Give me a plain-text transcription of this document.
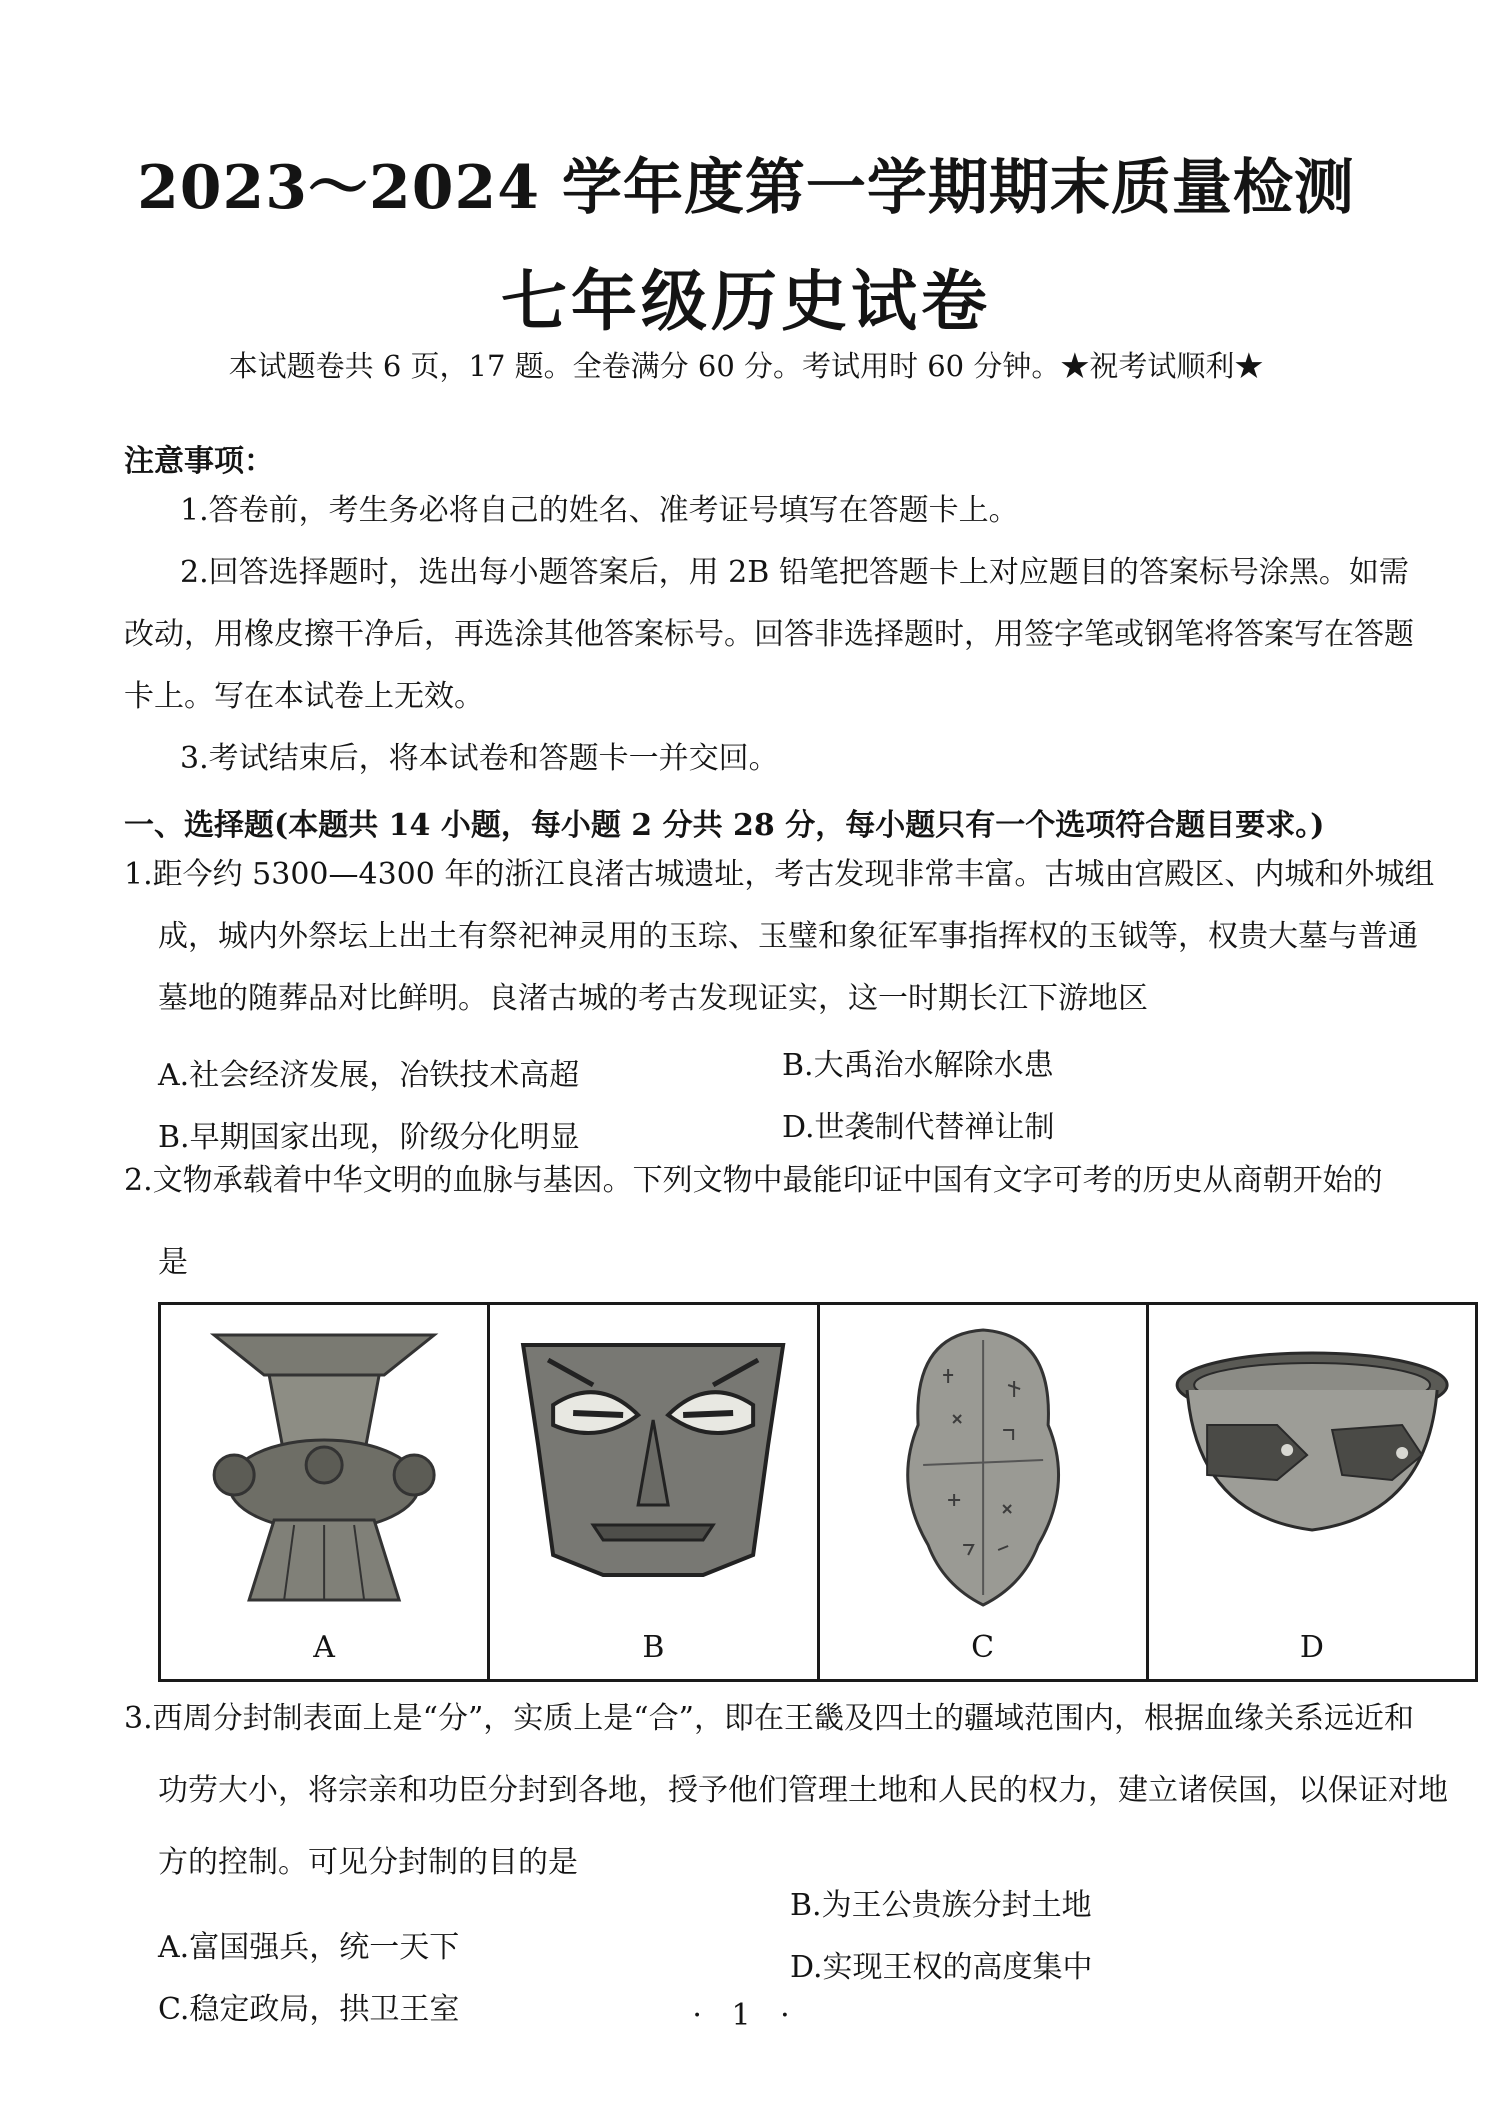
2023～2024 学年度第一学期期末质量检测
七年级历史试卷
本试题卷共 6 页，17 题。全卷满分 60 分。考试用时 60 分钟。★祝考试顺利★
注意事项：
1.答卷前，考生务必将自己的姓名、准考证号填写在答题卡上。
2.回答选择题时，选出每小题答案后，用 2B 铅笔把答题卡上对应题目的答案标号涂黑。如需
改动，用橡皮擦干净后，再选涂其他答案标号。回答非选择题时，用签字笔或钢笔将答案写在答题
卡上。写在本试卷上无效。
3.考试结束后，将本试卷和答题卡一并交回。
一、选择题(本题共 14 小题，每小题 2 分共 28 分，每小题只有一个选项符合题目要求。)
1.距今约 5300—4300 年的浙江良渚古城遗址，考古发现非常丰富。古城由宫殿区、内城和外城组
成，城内外祭坛上出土有祭祀神灵用的玉琮、玉璧和象征军事指挥权的玉钺等，权贵大墓与普通
墓地的随葬品对比鲜明。良渚古城的考古发现证实，这一时期长江下游地区
A.社会经济发展，冶铁技术高超	B.大禹治水解除水患
B.早期国家出现，阶级分化明显	D.世袭制代替禅让制
2.文物承载着中华文明的血脉与基因。下列文物中最能印证中国有文字可考的历史从商朝开始的
是
A	B	C	D
3.西周分封制表面上是“分”，实质上是“合”，即在王畿及四土的疆域范围内，根据血缘关系远近和
功劳大小，将宗亲和功臣分封到各地，授予他们管理土地和人民的权力，建立诸侯国，以保证对地
方的控制。可见分封制的目的是
A.富国强兵，统一天下
B.为王公贵族分封土地
C.稳定政局，拱卫王室
D.实现王权的高度集中
· 1 ·
